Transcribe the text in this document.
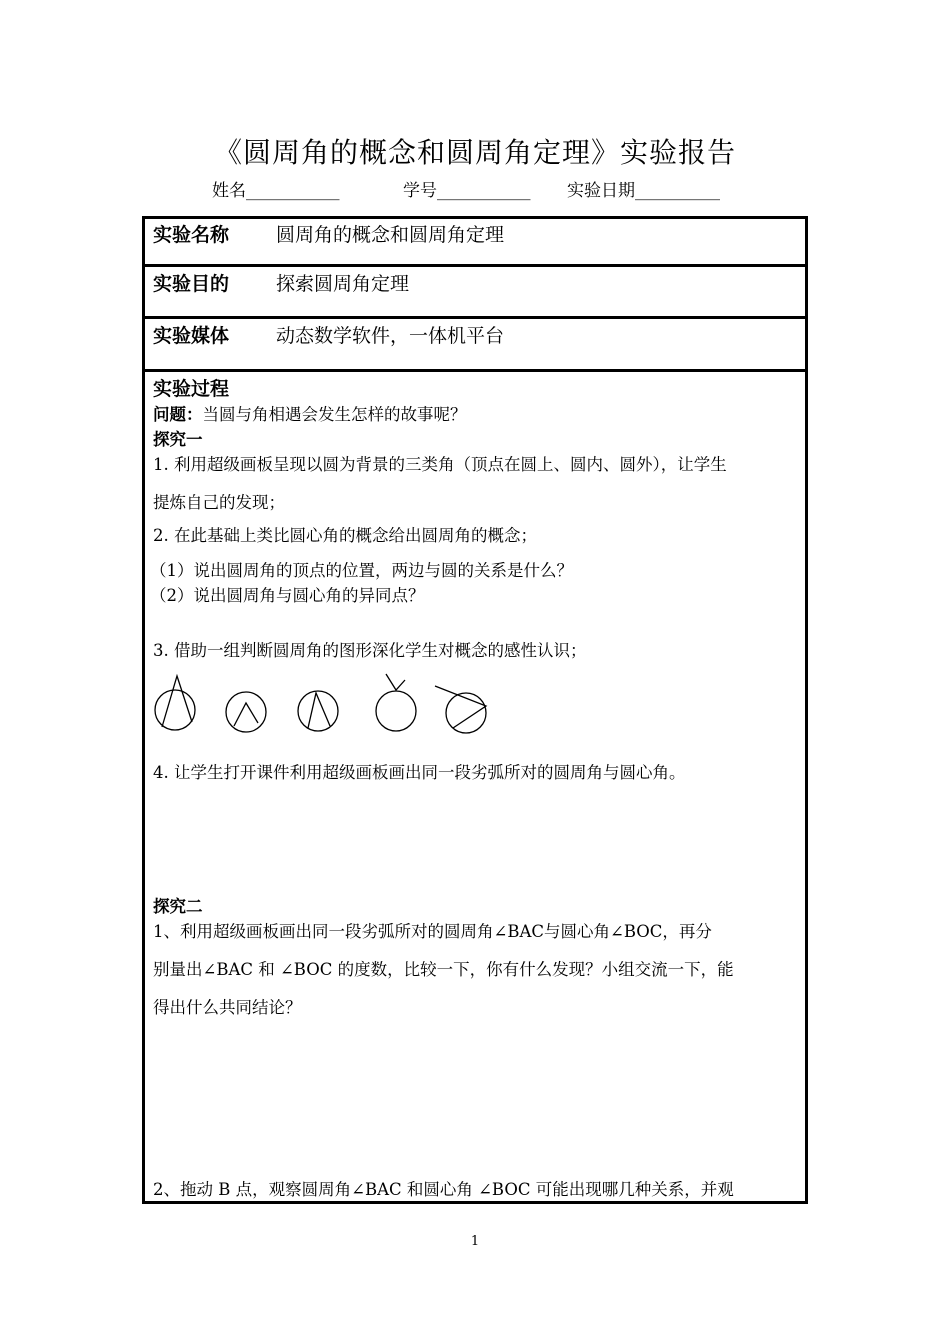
《圆周角的概念和圆周角定理》实验报告
姓名___________	学号___________ 实验日期__________
实验名称 圆周角的概念和圆周角定理
实验目的 探索圆周角定理
实验媒体 动态数学软件，一体机平台
实验过程
问题：当圆与角相遇会发生怎样的故事呢？
探究一
1. 利用超级画板呈现以圆为背景的三类角（顶点在圆上、圆内、圆外），让学生
提炼自己的发现；
2. 在此基础上类比圆心角的概念给出圆周角的概念；
（1）说出圆周角的顶点的位置，两边与圆的关系是什么？
（2）说出圆周角与圆心角的异同点？
3. 借助一组判断圆周角的图形深化学生对概念的感性认识；
4. 让学生打开课件利用超级画板画出同一段劣弧所对的圆周角与圆心角。
探究二
1、利用超级画板画出同一段劣弧所对的圆周角∠BAC与圆心角∠BOC，再分
别量出∠BAC 和 ∠BOC 的度数，比较一下，你有什么发现？小组交流一下，能
得出什么共同结论？
2、拖动 B 点，观察圆周角∠BAC 和圆心角 ∠BOC 可能出现哪几种关系，并观
1
